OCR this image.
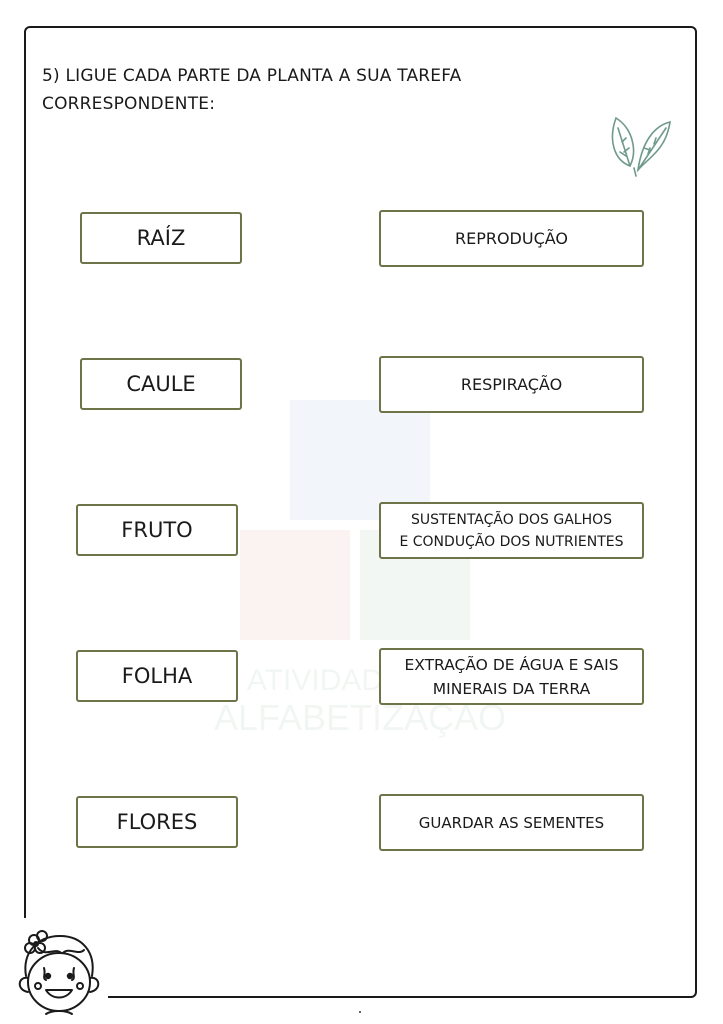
ATIVIDADES DE
ALFABETIZAÇÃO
5) LIGUE CADA PARTE DA PLANTA A SUA TAREFA
CORRESPONDENTE:
RAÍZ
CAULE
FRUTO
FOLHA
FLORES
REPRODUÇÃO
RESPIRAÇÃO
SUSTENTAÇÃO DOS GALHOS
E CONDUÇÃO DOS NUTRIENTES
EXTRAÇÃO DE ÁGUA E SAIS
MINERAIS DA TERRA
GUARDAR AS SEMENTES
